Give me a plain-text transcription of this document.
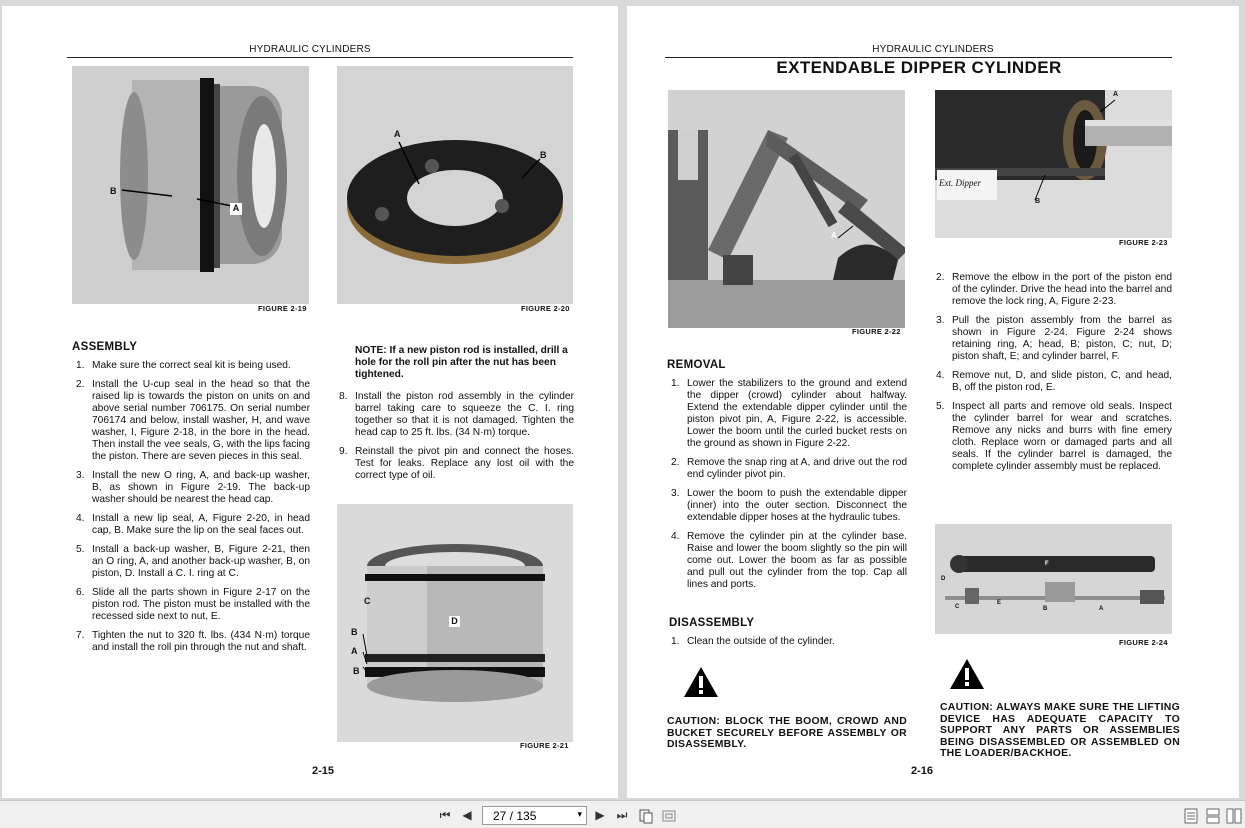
HYDRAULIC CYLINDERS
B
A
FIGURE 2-19
A
B
FIGURE 2-20
ASSEMBLY
1. Make sure the correct seal kit is being used.
2. Install the U-cup seal in the head so that the raised lip is towards the piston on units on and above serial number 706175. On serial number 706174 and below, install washer, H, and wave washer, I, Figure 2-18, in the bore in the head. Then install the vee seals, G, with the lips facing the piston. There are seven pieces in this seal.
3. Install the new O ring, A, and back-up washer, B, as shown in Figure 2-19. The back-up washer should be nearest the head cap.
4. Install a new lip seal, A, Figure 2-20, in head cap, B. Make sure the lip on the seal faces out.
5. Install a back-up washer, B, Figure 2-21, then an O ring, A, and another back-up washer, B, on piston, D. Install a C. I. ring at C.
6. Slide all the parts shown in Figure 2-17 on the piston rod. The piston must be installed with the recessed side next to nut, E.
7. Tighten the nut to 320 ft. lbs. (434 N·m) torque and install the roll pin through the nut and shaft.
NOTE: If a new piston rod is installed, drill a hole for the roll pin after the nut has been tightened.
8. Install the piston rod assembly in the cylinder barrel taking care to squeeze the C. I. ring together so that it is not damaged. Tighten the head cap to 25 ft. lbs. (34 N·m) torque.
9. Reinstall the pivot pin and connect the hoses. Test for leaks. Replace any lost oil with the correct type of oil.
C
D
B
A
B
FIGURE 2-21
2-15
HYDRAULIC CYLINDERS
EXTENDABLE DIPPER CYLINDER
A
FIGURE 2-22
A
B
Ext. Dipper
FIGURE 2-23
REMOVAL
1. Lower the stabilizers to the ground and extend the dipper (crowd) cylinder about halfway. Extend the extendable dipper cylinder until the piston pivot pin, A, Figure 2-22, is accessible. Lower the boom until the curled bucket rests on the ground as shown in Figure 2-22.
2. Remove the snap ring at A, and drive out the rod end cylinder pivot pin.
3. Lower the boom to push the extendable dipper (inner) into the outer section. Disconnect the extendable dipper hoses at the hydraulic tubes.
4. Remove the cylinder pin at the cylinder base. Raise and lower the boom slightly so the pin will come out. Lower the boom as far as possible and pull out the cylinder from the top. Cap all lines and ports.
DISASSEMBLY
1. Clean the outside of the cylinder.
2. Remove the elbow in the port of the piston end of the cylinder. Drive the head into the barrel and remove the lock ring, A, Figure 2-23.
3. Pull the piston assembly from the barrel as shown in Figure 2-24. Figure 2-24 shows retaining ring, A; head, B; piston, C; nut, D; piston shaft, E; and cylinder barrel, F.
4. Remove nut, D, and slide piston, C, and head, B, off the piston rod, E.
5. Inspect all parts and remove old seals. Inspect the cylinder barrel for wear and scratches. Remove any nicks and burrs with fine emery cloth. Replace worn or damaged parts and all seals. If the cylinder barrel is damaged, the complete cylinder assembly must be replaced.
D
C
E
B	A
F
FIGURE 2-24
CAUTION: BLOCK THE BOOM, CROWD AND BUCKET SECURELY BEFORE ASSEMBLY OR DISASSEMBLY.
CAUTION: ALWAYS MAKE SURE THE LIFTING DEVICE HAS ADEQUATE CAPACITY TO SUPPORT ANY PARTS OR ASSEMBLIES BEING DISASSEMBLED OR ASSEMBLED ON THE LOADER/BACKHOE.
2-16
⏮ ◀	27 / 135	▾	▶ ⏭
